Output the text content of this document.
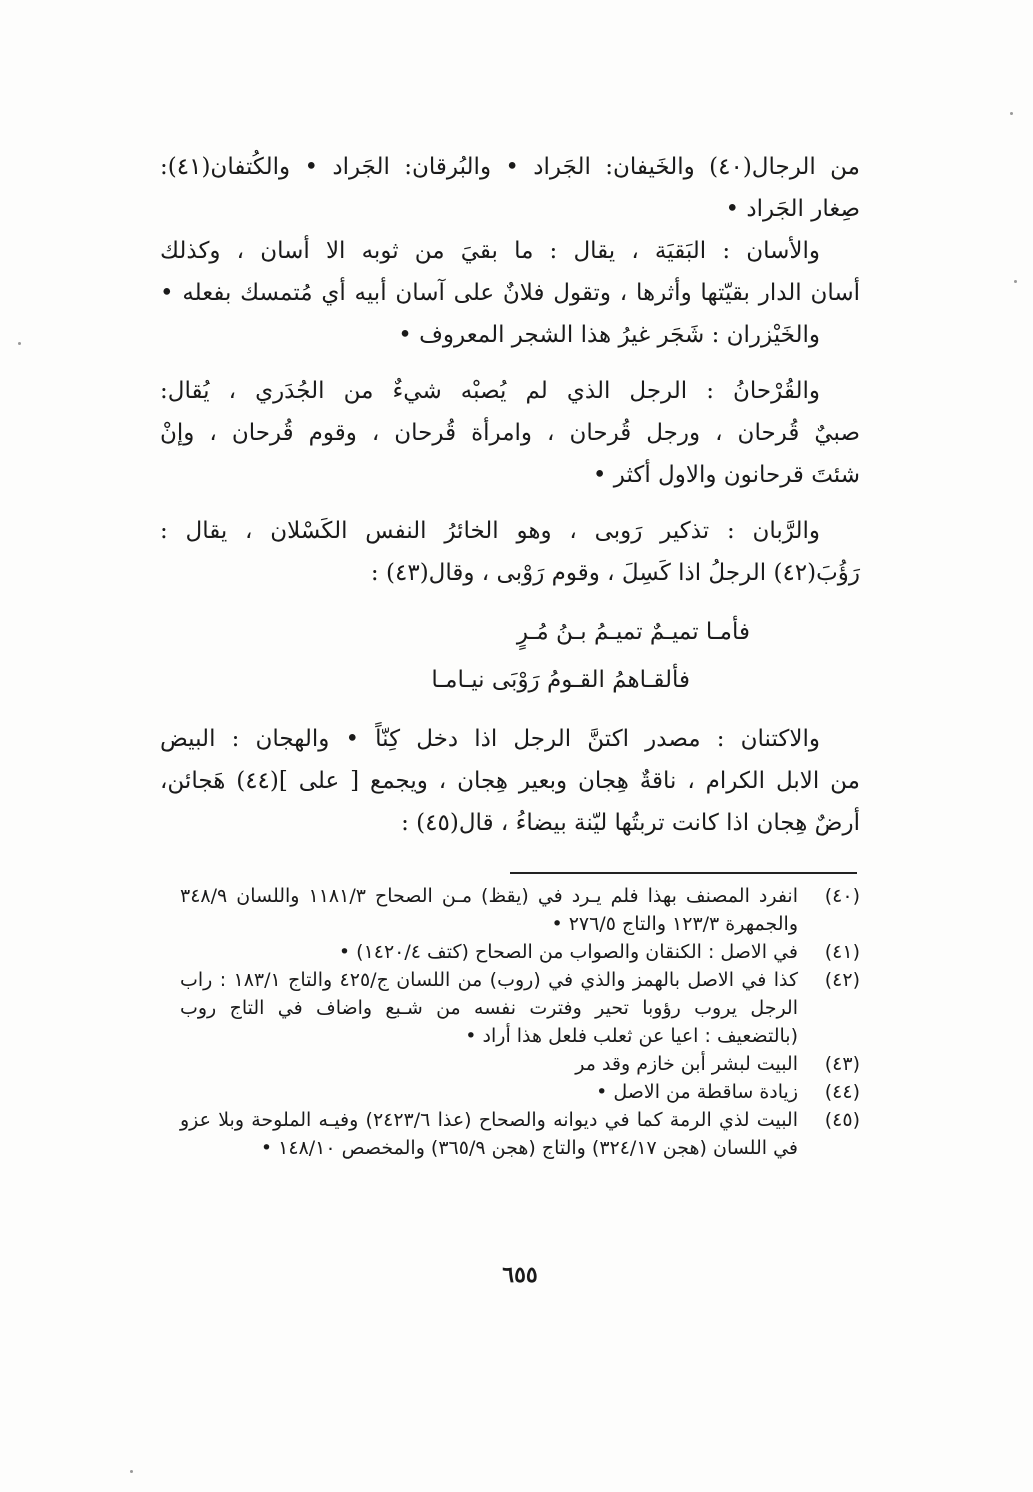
من الرجال(٤٠) والخَيفان: الجَراد • والبُرقان: الجَراد • والكُتفان(٤١):
صِغار الجَراد •
والأسان : البَقيَة ، يقال : ما بقيَ من ثوبه الا أسان ، وكذلك
أسان الدار بقيّتها وأثرها ، وتقول فلانٌ على آسان أبيه أي مُتمسك بفعله •
والخَيْزران : شَجَر غيرُ هذا الشجر المعروف •
والقُرْحانُ : الرجل الذي لم يُصبْه شيءٌ من الجُدَري ، يُقال:
صبيٌ قُرحان ، ورجل قُرحان ، وامرأة قُرحان ، وقوم قُرحان ، وإنْ
شئتَ قرحانون والاول أكثر •
والرَّبان : تذكير رَوبى ، وهو الخائرُ النفس الكَسْلان ، يقال :
رَؤُبَ(٤٢) الرجلُ اذا كَسِلَ ، وقوم رَوْبى ، وقال(٤٣) :
فأمـا تميـمٌ تميـمُ بـنُ مُـرٍ
فألقـاهمُ القـومُ رَوْبَى نيـامـا
والاكتنان : مصدر اكتنَّ الرجل اذا دخل كِنّاً • والهجان : البيض
من الابل الكرام ، ناقةٌ هِجان وبعير هِجان ، ويجمع [ على ](٤٤) هَجائن،
أرضٌ هِجان اذا كانت تربتُها ليّنة بيضاءُ ، قال(٤٥) :
(٤٠)
انفرد المصنف بهذا فلم يـرد في (يقظ) مـن الصحاح ١١٨١/٣ واللسان ٣٤٨/٩ والجمهرة ١٢٣/٣ والتاج ٢٧٦/٥ •
(٤١)
في الاصل : الكنقان والصواب من الصحاح (كتف ١٤٢٠/٤) •
(٤٢)
كذا في الاصل بالهمز والذي في (روب) من اللسان ج/٤٢٥ والتاج ١٨٣/١ : راب الرجل يروب رؤوبا تحير وفترت نفسه من شـبع واضاف في التاج روب (بالتضعيف : اعيا عن ثعلب فلعل هذا أراد •
(٤٣)
البيت لبشر أبن خازم وقد مر
(٤٤)
زيادة ساقطة من الاصل •
(٤٥)
البيت لذي الرمة كما في ديوانه والصحاح (عذا ٢٤٢٣/٦) وفيـه الملوحة وبلا عزو في اللسان (هجن ٣٢٤/١٧) والتاج (هجن ٣٦٥/٩) والمخصص ١٤٨/١٠ •
٦٥٥
